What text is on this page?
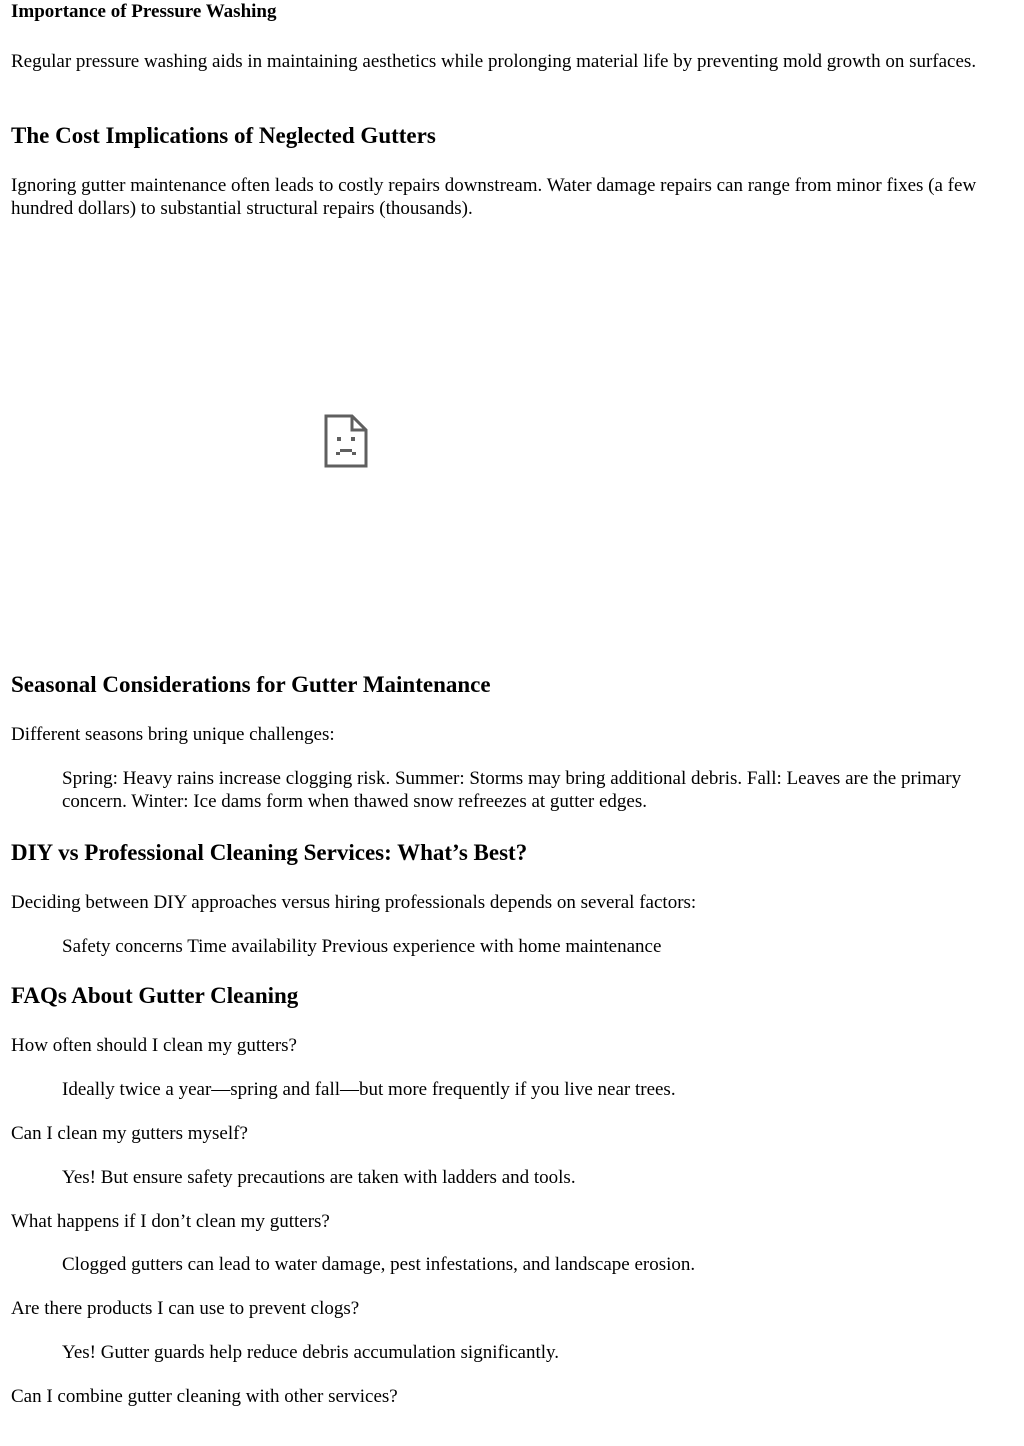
Importance of Pressure Washing

Regular pressure washing aids in maintaining aesthetics while prolonging material life by preventing mold growth on surfaces.

The Cost Implications of Neglected Gutters

Ignoring gutter maintenance often leads to costly repairs downstream. Water damage repairs can range from minor fixes (a few hundred dollars) to substantial structural repairs (thousands).

Seasonal Considerations for Gutter Maintenance

Different seasons bring unique challenges:

Spring: Heavy rains increase clogging risk. Summer: Storms may bring additional debris. Fall: Leaves are the primary concern. Winter: Ice dams form when thawed snow refreezes at gutter edges.

DIY vs Professional Cleaning Services: What’s Best?

Deciding between DIY approaches versus hiring professionals depends on several factors:

Safety concerns Time availability Previous experience with home maintenance

FAQs About Gutter Cleaning

How often should I clean my gutters?

Ideally twice a year—spring and fall—but more frequently if you live near trees.

Can I clean my gutters myself?

Yes! But ensure safety precautions are taken with ladders and tools.

What happens if I don’t clean my gutters?

Clogged gutters can lead to water damage, pest infestations, and landscape erosion.

Are there products I can use to prevent clogs?

Yes! Gutter guards help reduce debris accumulation significantly.

Can I combine gutter cleaning with other services?
